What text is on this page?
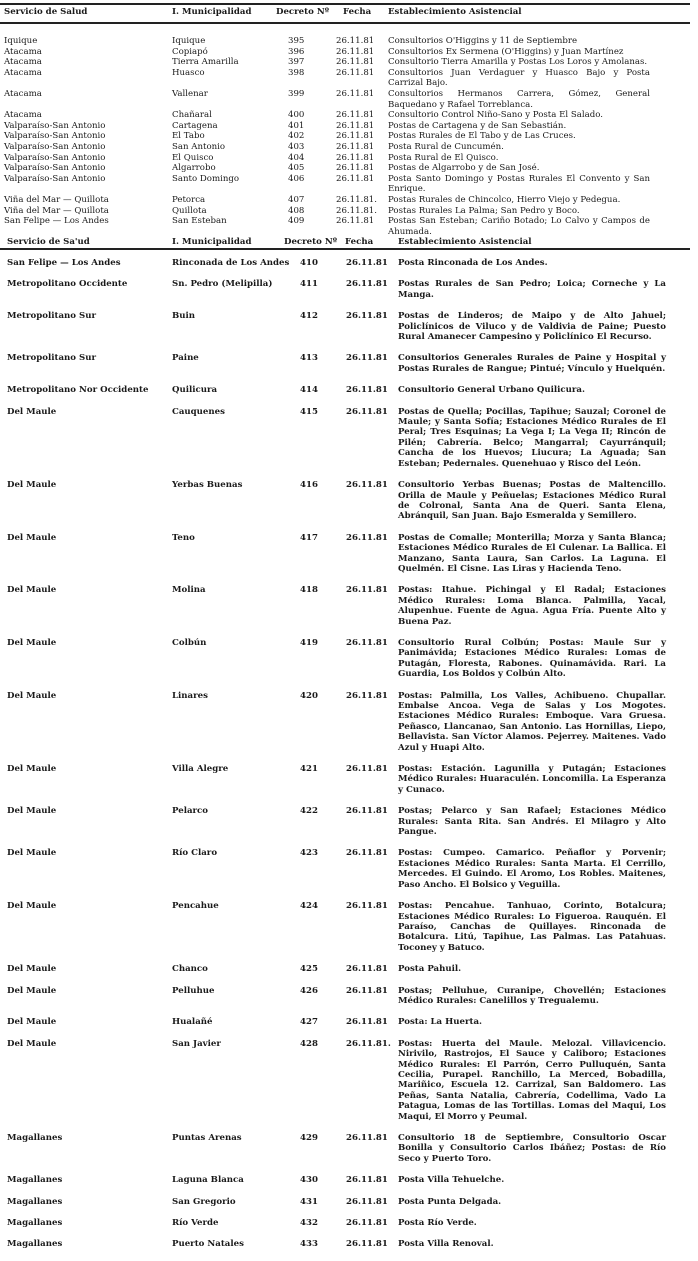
Servicio de Salud	I. Municipalidad	Decreto Nº Fecha Establecimiento Asistencial
Iquique	Iquique	395	26.11.81 Consultorios O'Higgins y 11 de Septiembre
Atacama	Copiapó	396	26.11.81 Consultorios Ex Sermena (O'Higgins) y Juan Martínez
Atacama	Tierra Amarilla	397	26.11.81 Consultorio Tierra Amarilla y Postas Los Loros y Amolanas.
Atacama	Huasco	398	26.11.81 Consultorios Juan Verdaguer y Huasco Bajo y Posta Carrizal Bajo.
Atacama	Vallenar	399	26.11.81 Consultorios Hermanos Carrera, Gómez, General Baquedano y Rafael Torreblanca.
Atacama	Chañaral	400	26.11.81 Consultorio Control Niño-Sano y Posta El Salado.
Valparaíso-San Antonio	Cartagena	401	26.11.81 Postas de Cartagena y de San Sebastián.
Valparaíso-San Antonio	El Tabo	402	26.11.81 Postas Rurales de El Tabo y de Las Cruces.
Valparaíso-San Antonio	San Antonio	403	26.11.81 Posta Rural de Cuncumén.
Valparaíso-San Antonio	El Quisco	404	26.11.81 Posta Rural de El Quisco.
Valparaíso-San Antonio	Algarrobo	405	26.11.81 Postas de Algarrobo y de San José.
Valparaíso-San Antonio	Santo Domingo	406	26.11.81 Posta Santo Domingo y Postas Rurales El Convento y San Enrique.
Viña del Mar — Quillota	Petorca	407	26.11.81. Postas Rurales de Chincolco, Hierro Viejo y Pedegua.
Viña del Mar — Quillota	Quillota	408	26.11.81. Postas Rurales La Palma; San Pedro y Boco.
San Felipe — Los Andes	San Esteban	409	26.11.81 Postas San Esteban; Cariño Botado; Lo Calvo y Campos de Ahumada.
Servicio de Sa'ud	I. Municipalidad	Decreto Nº Fecha	Establecimiento Asistencial
San Felipe — Los Andes	Rinconada de Los Andes 410	26.11.81 Posta Rinconada de Los Andes.
Metropolitano Occidente	Sn. Pedro (Melipilla)	411	26.11.81 Postas Rurales de San Pedro; Loica; Corneche y La Manga.
Metropolitano Sur	Buin	412	26.11.81 Postas de Linderos; de Maipo y de Alto Jahuel; Policlínicos de Viluco y de Valdivia de Paine; Puesto Rural Amanecer Campesino y Policlínico El Recurso.
Metropolitano Sur	Paine	413	26.11.81 Consultorios Generales Rurales de Paine y Hospital y Postas Rurales de Rangue; Pintué; Vínculo y Huelquén.
Metropolitano Nor Occidente	Quilicura	414	26.11.81 Consultorio General Urbano Quilicura.
Del Maule	Cauquenes	415	26.11.81 Postas de Quella; Pocillas, Tapihue; Sauzal; Coronel de Maule; y Santa Sofía; Estaciones Médico Rurales de El Peral; Tres Esquinas; La Vega I; La Vega II; Rincón de Pilén; Cabrería. Belco; Mangarral; Cayurránquil; Cancha de los Huevos; Liucura; La Aguada; San Esteban; Pedernales. Quenehuao y Risco del León.
Del Maule	Yerbas Buenas	416	26.11.81 Consultorio Yerbas Buenas; Postas de Maltencillo. Orilla de Maule y Peñuelas; Estaciones Médico Rural de Colronal, Santa Ana de Queri. Santa Elena, Abránquil, San Juan. Bajo Esmeralda y Semillero.
Del Maule	Teno	417	26.11.81 Postas de Comalle; Monterilla; Morza y Santa Blanca; Estaciones Médico Rurales de El Culenar. La Ballica. El Manzano, Santa Laura, San Carlos. La Laguna. El Quelmén. El Cisne. Las Liras y Hacienda Teno.
Del Maule	Molina	418	26.11.81 Postas: Itahue. Pichingal y El Radal; Estaciones Médico Rurales: Loma Blanca. Palmilla, Yacal, Alupenhue. Fuente de Agua. Agua Fría. Puente Alto y Buena Paz.
Del Maule	Colbún	419	26.11.81 Consultorio Rural Colbún; Postas: Maule Sur y Panimávida; Estaciones Médico Rurales: Lomas de Putagán, Floresta, Rabones. Quinamávida. Rari. La Guardia, Los Boldos y Colbún Alto.
Del Maule	Linares	420	26.11.81 Postas: Palmilla, Los Valles, Achibueno. Chupallar. Embalse Ancoa. Vega de Salas y Los Mogotes. Estaciones Médico Rurales: Emboque. Vara Gruesa. Peñasco, Llancanao, San Antonio. Las Hornillas, Liepo, Bellavista. San Víctor Alamos. Pejerrey. Maitenes. Vado Azul y Huapi Alto.
Del Maule	Villa Alegre	421	26.11.81 Postas: Estación. Lagunilla y Putagán; Estaciones Médico Rurales: Huaraculén. Loncomilla. La Esperanza y Cunaco.
Del Maule	Pelarco	422	26.11.81 Postas; Pelarco y San Rafael; Estaciones Médico Rurales: Santa Rita. San Andrés. El Milagro y Alto Pangue.
Del Maule	Río Claro	423	26.11.81 Postas: Cumpeo. Camarico. Peñaflor y Porvenir; Estaciones Médico Rurales: Santa Marta. El Cerrillo, Mercedes. El Guindo. El Aromo, Los Robles. Maitenes, Paso Ancho. El Bolsico y Veguilla.
Del Maule	Pencahue	424	26.11.81 Postas: Pencahue. Tanhuao, Corinto, Botalcura; Estaciones Médico Rurales: Lo Figueroa. Rauquén. El Paraíso, Canchas de Quillayes. Rinconada de Botalcura. Litú, Tapihue, Las Palmas. Las Patahuas. Toconey y Batuco.
Del Maule	Chanco	425	26.11.81 Posta Pahuil.
Del Maule	Pelluhue	426	26.11.81 Postas; Pelluhue, Curanipe, Chovellén; Estaciones Médico Rurales: Canelillos y Tregualemu.
Del Maule	Hualañé	427	26.11.81 Posta: La Huerta.
Del Maule	San Javier	428	26.11.81. Postas: Huerta del Maule. Melozal. Villavicencio. Nirivilo, Rastrojos, El Sauce y Caliboro; Estaciones Médico Rurales: El Parrón, Cerro Pulluquén, Santa Cecilia, Purapel. Ranchillo, La Merced, Bobadilla, Mariñico, Escuela 12. Carrizal, San Baldomero. Las Peñas, Santa Natalia, Cabrería, Codellima, Vado La Patagua, Lomas de las Tortillas. Lomas del Maqui, Los Maqui, El Morro y Peumal.
Magallanes	Puntas Arenas	429	26.11.81 Consultorio 18 de Septiembre, Consultorio Oscar Bonilla y Consultorio Carlos Ibáñez; Postas: de Río Seco y Puerto Toro.
Magallanes	Laguna Blanca	430	26.11.81 Posta Villa Tehuelche.
Magallanes	San Gregorio	431	26.11.81 Posta Punta Delgada.
Magallanes	Río Verde	432	26.11.81 Posta Río Verde.
Magallanes	Puerto Natales	433	26.11.81 Posta Villa Renoval.
